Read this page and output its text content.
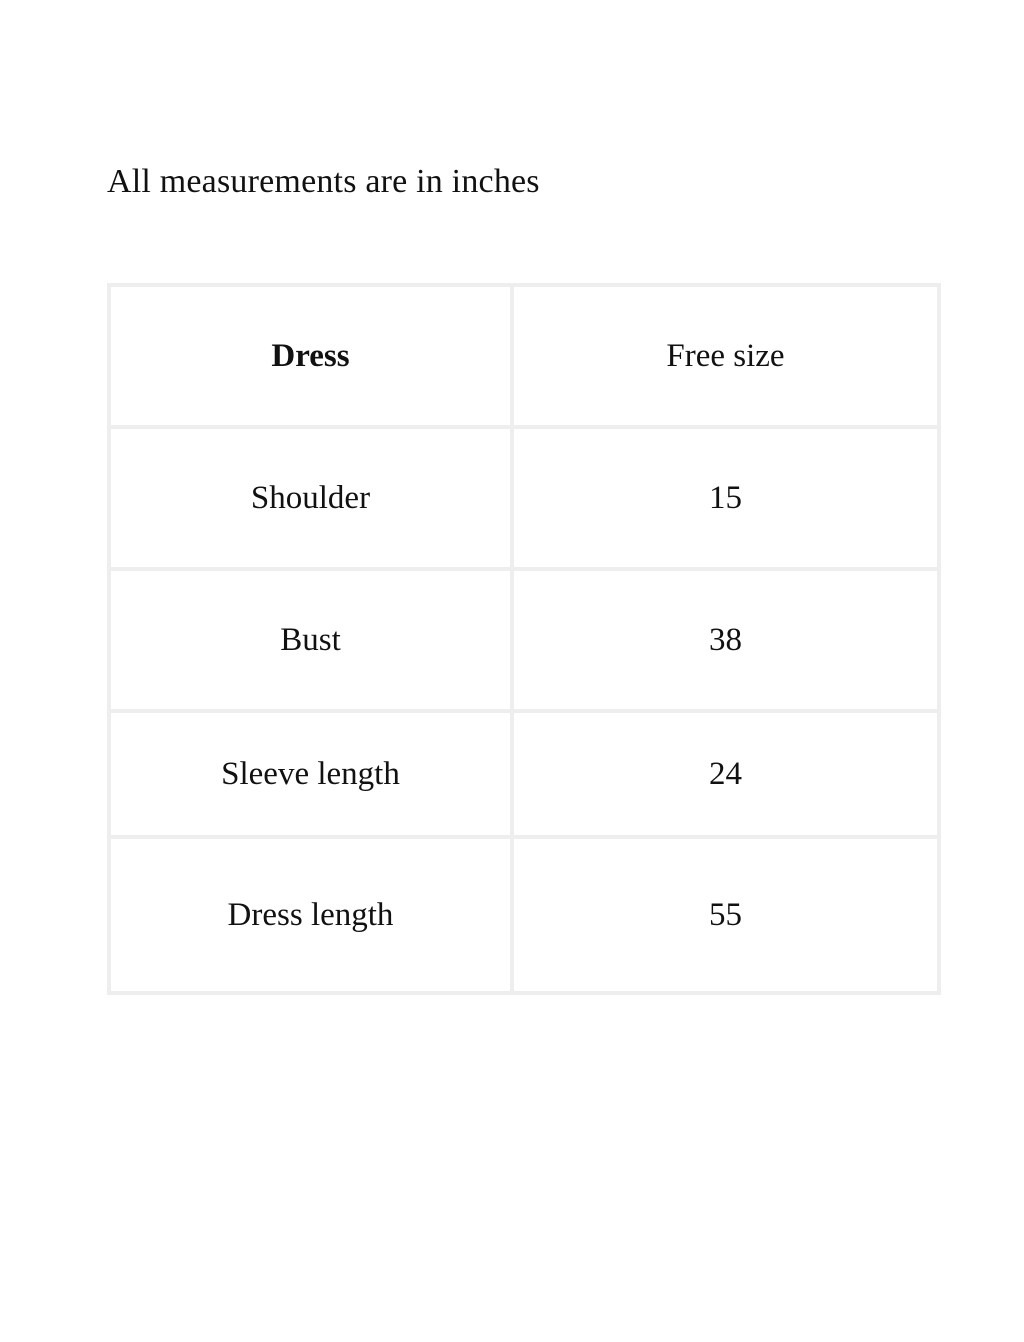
All measurements are in inches

Dress	Free size
Shoulder	15
Bust	38
Sleeve length	24
Dress length	55
